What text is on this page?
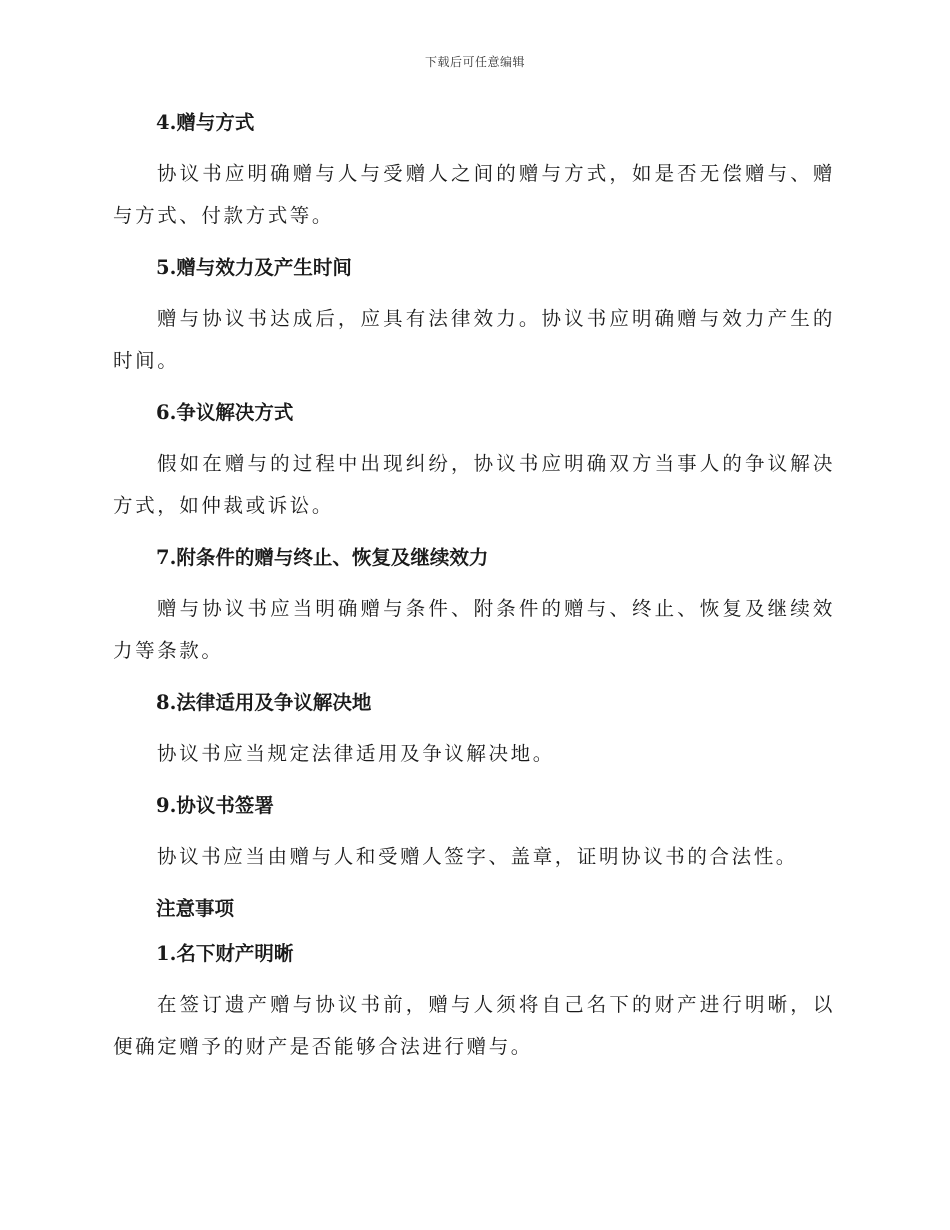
下载后可任意编辑

4.赠与方式

协议书应明确赠与人与受赠人之间的赠与方式，如是否无偿赠与、赠与方式、付款方式等。

5.赠与效力及产生时间

赠与协议书达成后，应具有法律效力。协议书应明确赠与效力产生的时间。

6.争议解决方式

假如在赠与的过程中出现纠纷，协议书应明确双方当事人的争议解决方式，如仲裁或诉讼。

7.附条件的赠与终止、恢复及继续效力

赠与协议书应当明确赠与条件、附条件的赠与、终止、恢复及继续效力等条款。

8.法律适用及争议解决地

协议书应当规定法律适用及争议解决地。

9.协议书签署

协议书应当由赠与人和受赠人签字、盖章，证明协议书的合法性。

注意事项

1.名下财产明晰

在签订遗产赠与协议书前，赠与人须将自己名下的财产进行明晰，以便确定赠予的财产是否能够合法进行赠与。
